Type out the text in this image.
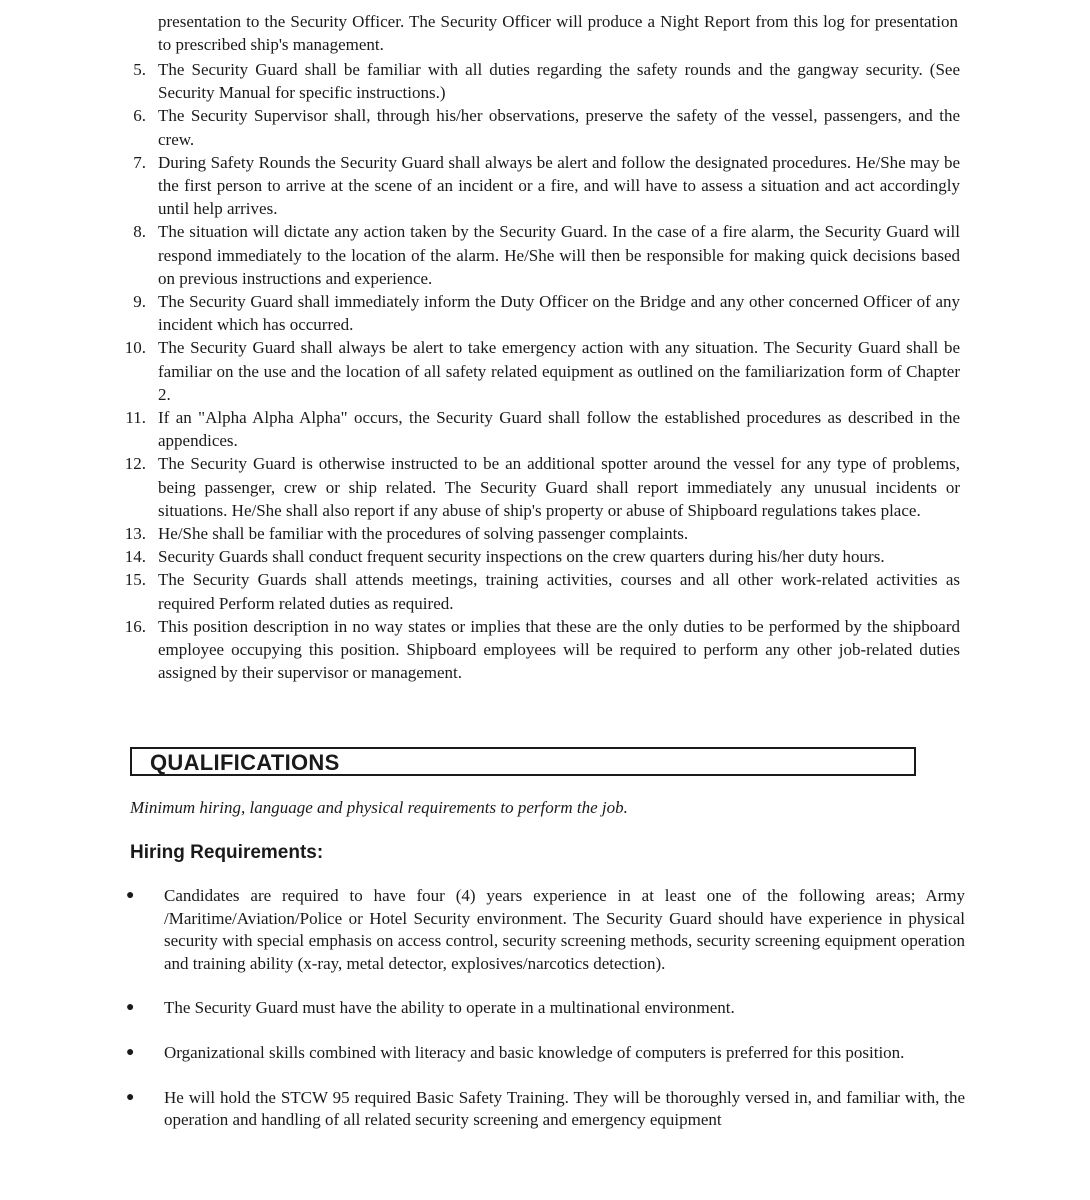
presentation to the Security Officer. The Security Officer will produce a Night Report from this log for presentation to prescribed ship's management.
5. The Security Guard shall be familiar with all duties regarding the safety rounds and the gangway security. (See Security Manual for specific instructions.)
6. The Security Supervisor shall, through his/her observations, preserve the safety of the vessel, passengers, and the crew.
7. During Safety Rounds the Security Guard shall always be alert and follow the designated procedures. He/She may be the first person to arrive at the scene of an incident or a fire, and will have to assess a situation and act accordingly until help arrives.
8. The situation will dictate any action taken by the Security Guard. In the case of a fire alarm, the Security Guard will respond immediately to the location of the alarm. He/She will then be responsible for making quick decisions based on previous instructions and experience.
9. The Security Guard shall immediately inform the Duty Officer on the Bridge and any other concerned Officer of any incident which has occurred.
10. The Security Guard shall always be alert to take emergency action with any situation. The Security Guard shall be familiar on the use and the location of all safety related equipment as outlined on the familiarization form of Chapter 2.
11. If an "Alpha Alpha Alpha" occurs, the Security Guard shall follow the established procedures as described in the appendices.
12. The Security Guard is otherwise instructed to be an additional spotter around the vessel for any type of problems, being passenger, crew or ship related. The Security Guard shall report immediately any unusual incidents or situations. He/She shall also report if any abuse of ship's property or abuse of Shipboard regulations takes place.
13. He/She shall be familiar with the procedures of solving passenger complaints.
14. Security Guards shall conduct frequent security inspections on the crew quarters during his/her duty hours.
15. The Security Guards shall attends meetings, training activities, courses and all other work-related activities as required Perform related duties as required.
16. This position description in no way states or implies that these are the only duties to be performed by the shipboard employee occupying this position. Shipboard employees will be required to perform any other job-related duties assigned by their supervisor or management.
QUALIFICATIONS
Minimum hiring, language and physical requirements to perform the job.
Hiring Requirements:
●	Candidates are required to have four (4) years experience in at least one of the following areas; Army /Maritime/Aviation/Police or Hotel Security environment. The Security Guard should have experience in physical security with special emphasis on access control, security screening methods, security screening equipment operation and training ability (x-ray, metal detector, explosives/narcotics detection).
●	The Security Guard must have the ability to operate in a multinational environment.
●	Organizational skills combined with literacy and basic knowledge of computers is preferred for this position.
●	He will hold the STCW 95 required Basic Safety Training. They will be thoroughly versed in, and familiar with, the operation and handling of all related security screening and emergency equipment
